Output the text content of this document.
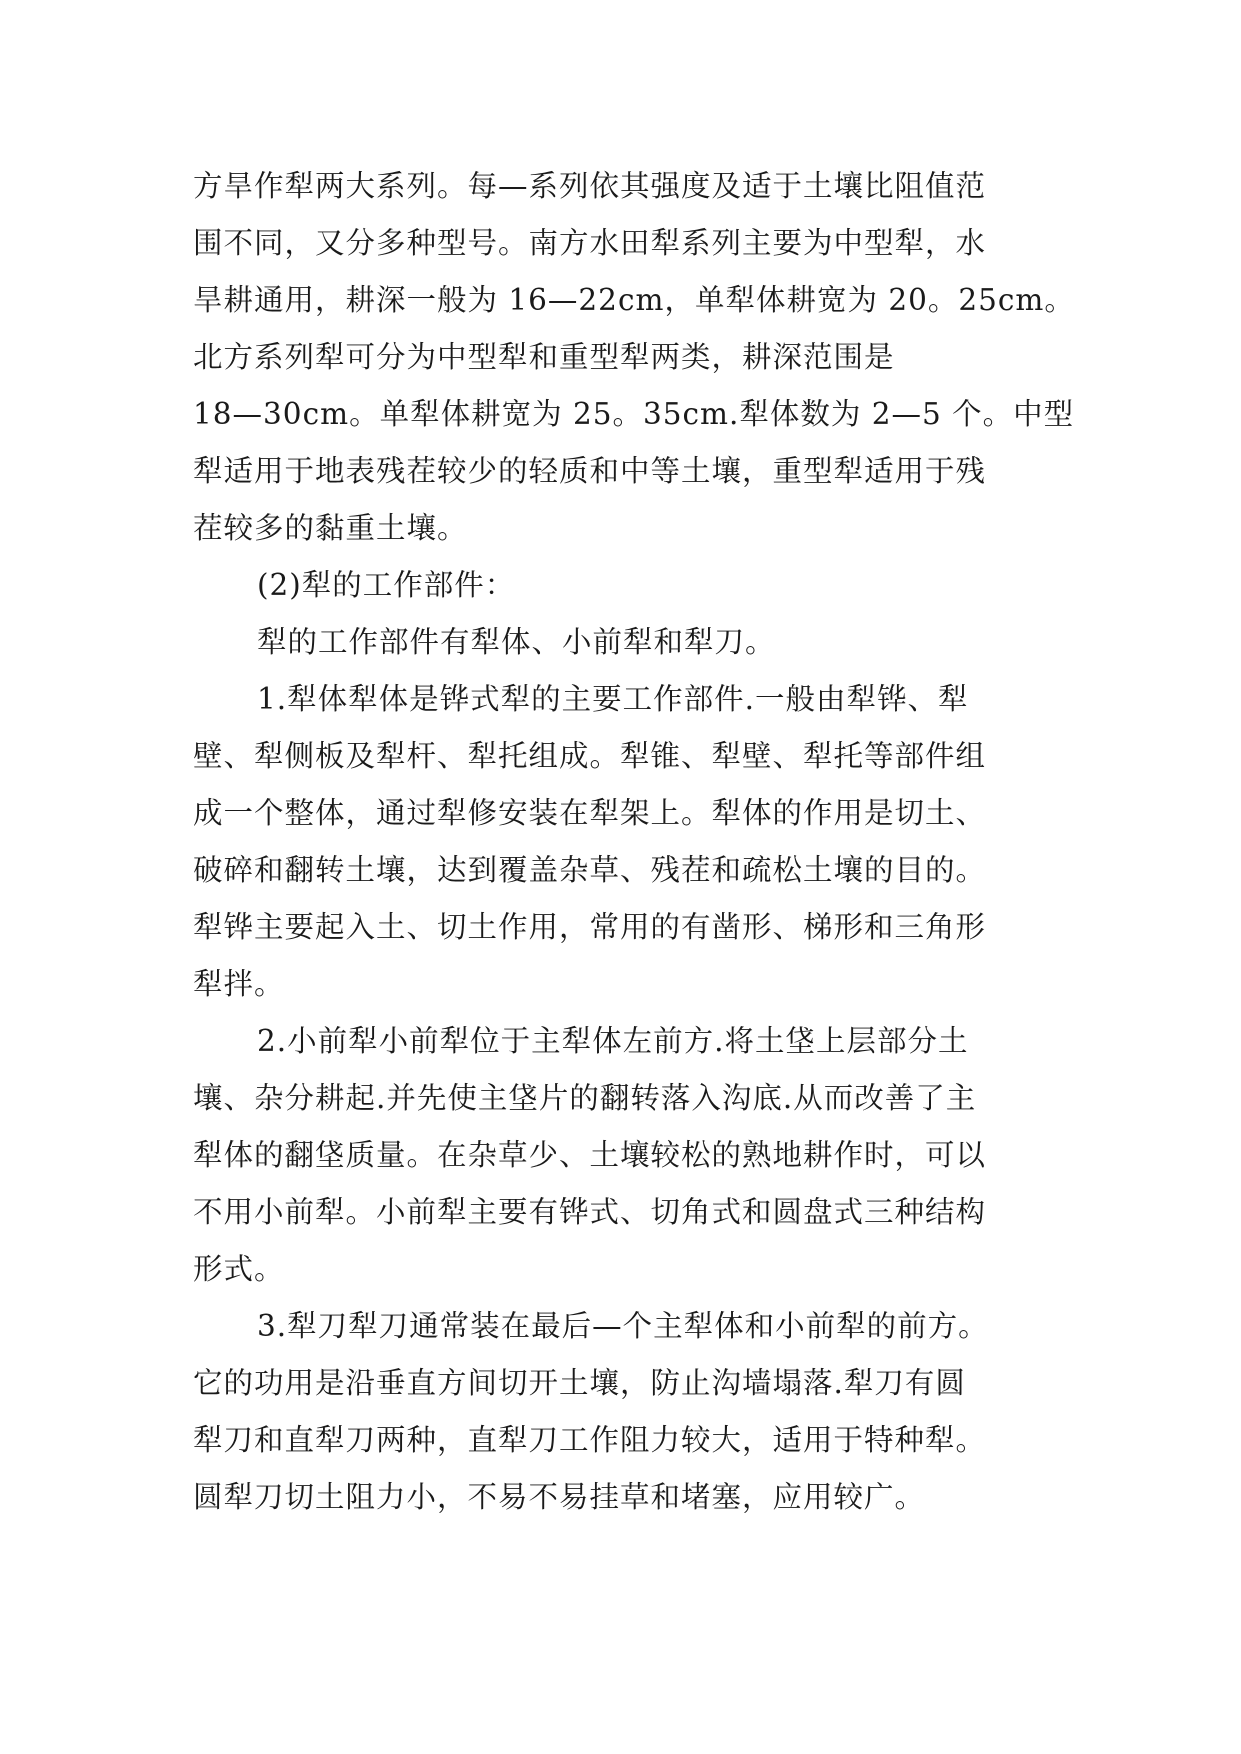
方旱作犁两大系列。每—系列依其强度及适于土壤比阻值范
围不同，又分多种型号。南方水田犁系列主要为中型犁，水
旱耕通用，耕深一般为 16—22cm，单犁体耕宽为 20。25cm。
北方系列犁可分为中型犁和重型犁两类，耕深范围是
18—30cm。单犁体耕宽为 25。35cm.犁体数为 2—5 个。中型
犁适用于地表残茬较少的轻质和中等土壤，重型犁适用于残
茬较多的黏重土壤。
(2)犁的工作部件：
犁的工作部件有犁体、小前犁和犁刀。
1.犁体犁体是铧式犁的主要工作部件.一般由犁铧、犁
壁、犁侧板及犁杆、犁托组成。犁锥、犁壁、犁托等部件组
成一个整体，通过犁修安装在犁架上。犁体的作用是切土、
破碎和翻转土壤，达到覆盖杂草、残茬和疏松土壤的目的。
犁铧主要起入土、切土作用，常用的有凿形、梯形和三角形
犁拌。
2.小前犁小前犁位于主犁体左前方.将土垡上层部分土
壤、杂分耕起.并先使主垡片的翻转落入沟底.从而改善了主
犁体的翻垡质量。在杂草少、土壤较松的熟地耕作时，可以
不用小前犁。小前犁主要有铧式、切角式和圆盘式三种结构
形式。
3.犁刀犁刀通常装在最后—个主犁体和小前犁的前方。
它的功用是沿垂直方间切开土壤，防止沟墙塌落.犁刀有圆
犁刀和直犁刀两种，直犁刀工作阻力较大，适用于特种犁。
圆犁刀切土阻力小，不易不易挂草和堵塞，应用较广。
